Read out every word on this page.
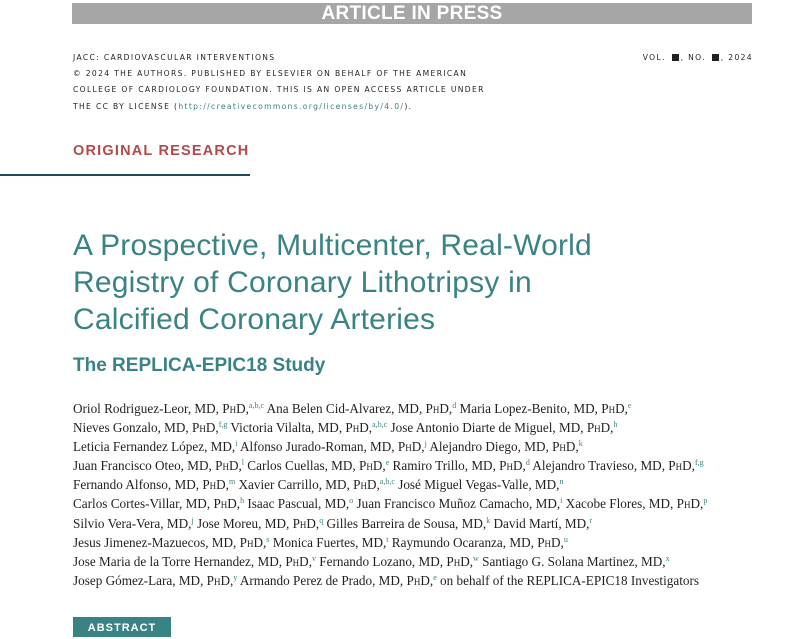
ARTICLE IN PRESS
JACC: CARDIOVASCULAR INTERVENTIONS
© 2024 THE AUTHORS. PUBLISHED BY ELSEVIER ON BEHALF OF THE AMERICAN
COLLEGE OF CARDIOLOGY FOUNDATION. THIS IS AN OPEN ACCESS ARTICLE UNDER
THE CC BY LICENSE (http://creativecommons.org/licenses/by/4.0/).
VOL. , NO. , 2024
ORIGINAL RESEARCH
A Prospective, Multicenter, Real-World
Registry of Coronary Lithotripsy in
Calcified Coronary Arteries
The REPLICA-EPIC18 Study
Oriol Rodriguez-Leor, MD, PhD,$^{a,b,c}$ Ana Belen Cid-Alvarez, MD, PhD,$^d$ Maria Lopez-Benito, MD, PhD,$^e$
Nieves Gonzalo, MD, PhD,$^{f,g}$ Victoria Vilalta, MD, PhD,$^{a,b,c}$ Jose Antonio Diarte de Miguel, MD, PhD,$^h$
Leticia Fernandez López, MD,$^i$ Alfonso Jurado-Roman, MD, PhD,$^j$ Alejandro Diego, MD, PhD,$^k$
Juan Francisco Oteo, MD, PhD,$^l$ Carlos Cuellas, MD, PhD,$^e$ Ramiro Trillo, MD, PhD,$^d$ Alejandro Travieso, MD, PhD,$^{f,g}$
Fernando Alfonso, MD, PhD,$^m$ Xavier Carrillo, MD, PhD,$^{a,b,c}$ José Miguel Vegas-Valle, MD,$^n$
Carlos Cortes-Villar, MD, PhD,$^h$ Isaac Pascual, MD,$^o$ Juan Francisco Muñoz Camacho, MD,$^i$ Xacobe Flores, MD, PhD,$^p$
Silvio Vera-Vera, MD,$^j$ Jose Moreu, MD, PhD,$^q$ Gilles Barreira de Sousa, MD,$^k$ David Martí, MD,$^r$
Jesus Jimenez-Mazuecos, MD, PhD,$^s$ Monica Fuertes, MD,$^t$ Raymundo Ocaranza, MD, PhD,$^u$
Jose Maria de la Torre Hernandez, MD, PhD,$^v$ Fernando Lozano, MD, PhD,$^w$ Santiago G. Solana Martinez, MD,$^x$
Josep Gómez-Lara, MD, PhD,$^y$ Armando Perez de Prado, MD, PhD,$^e$ on behalf of the REPLICA-EPIC18 Investigators
ABSTRACT
